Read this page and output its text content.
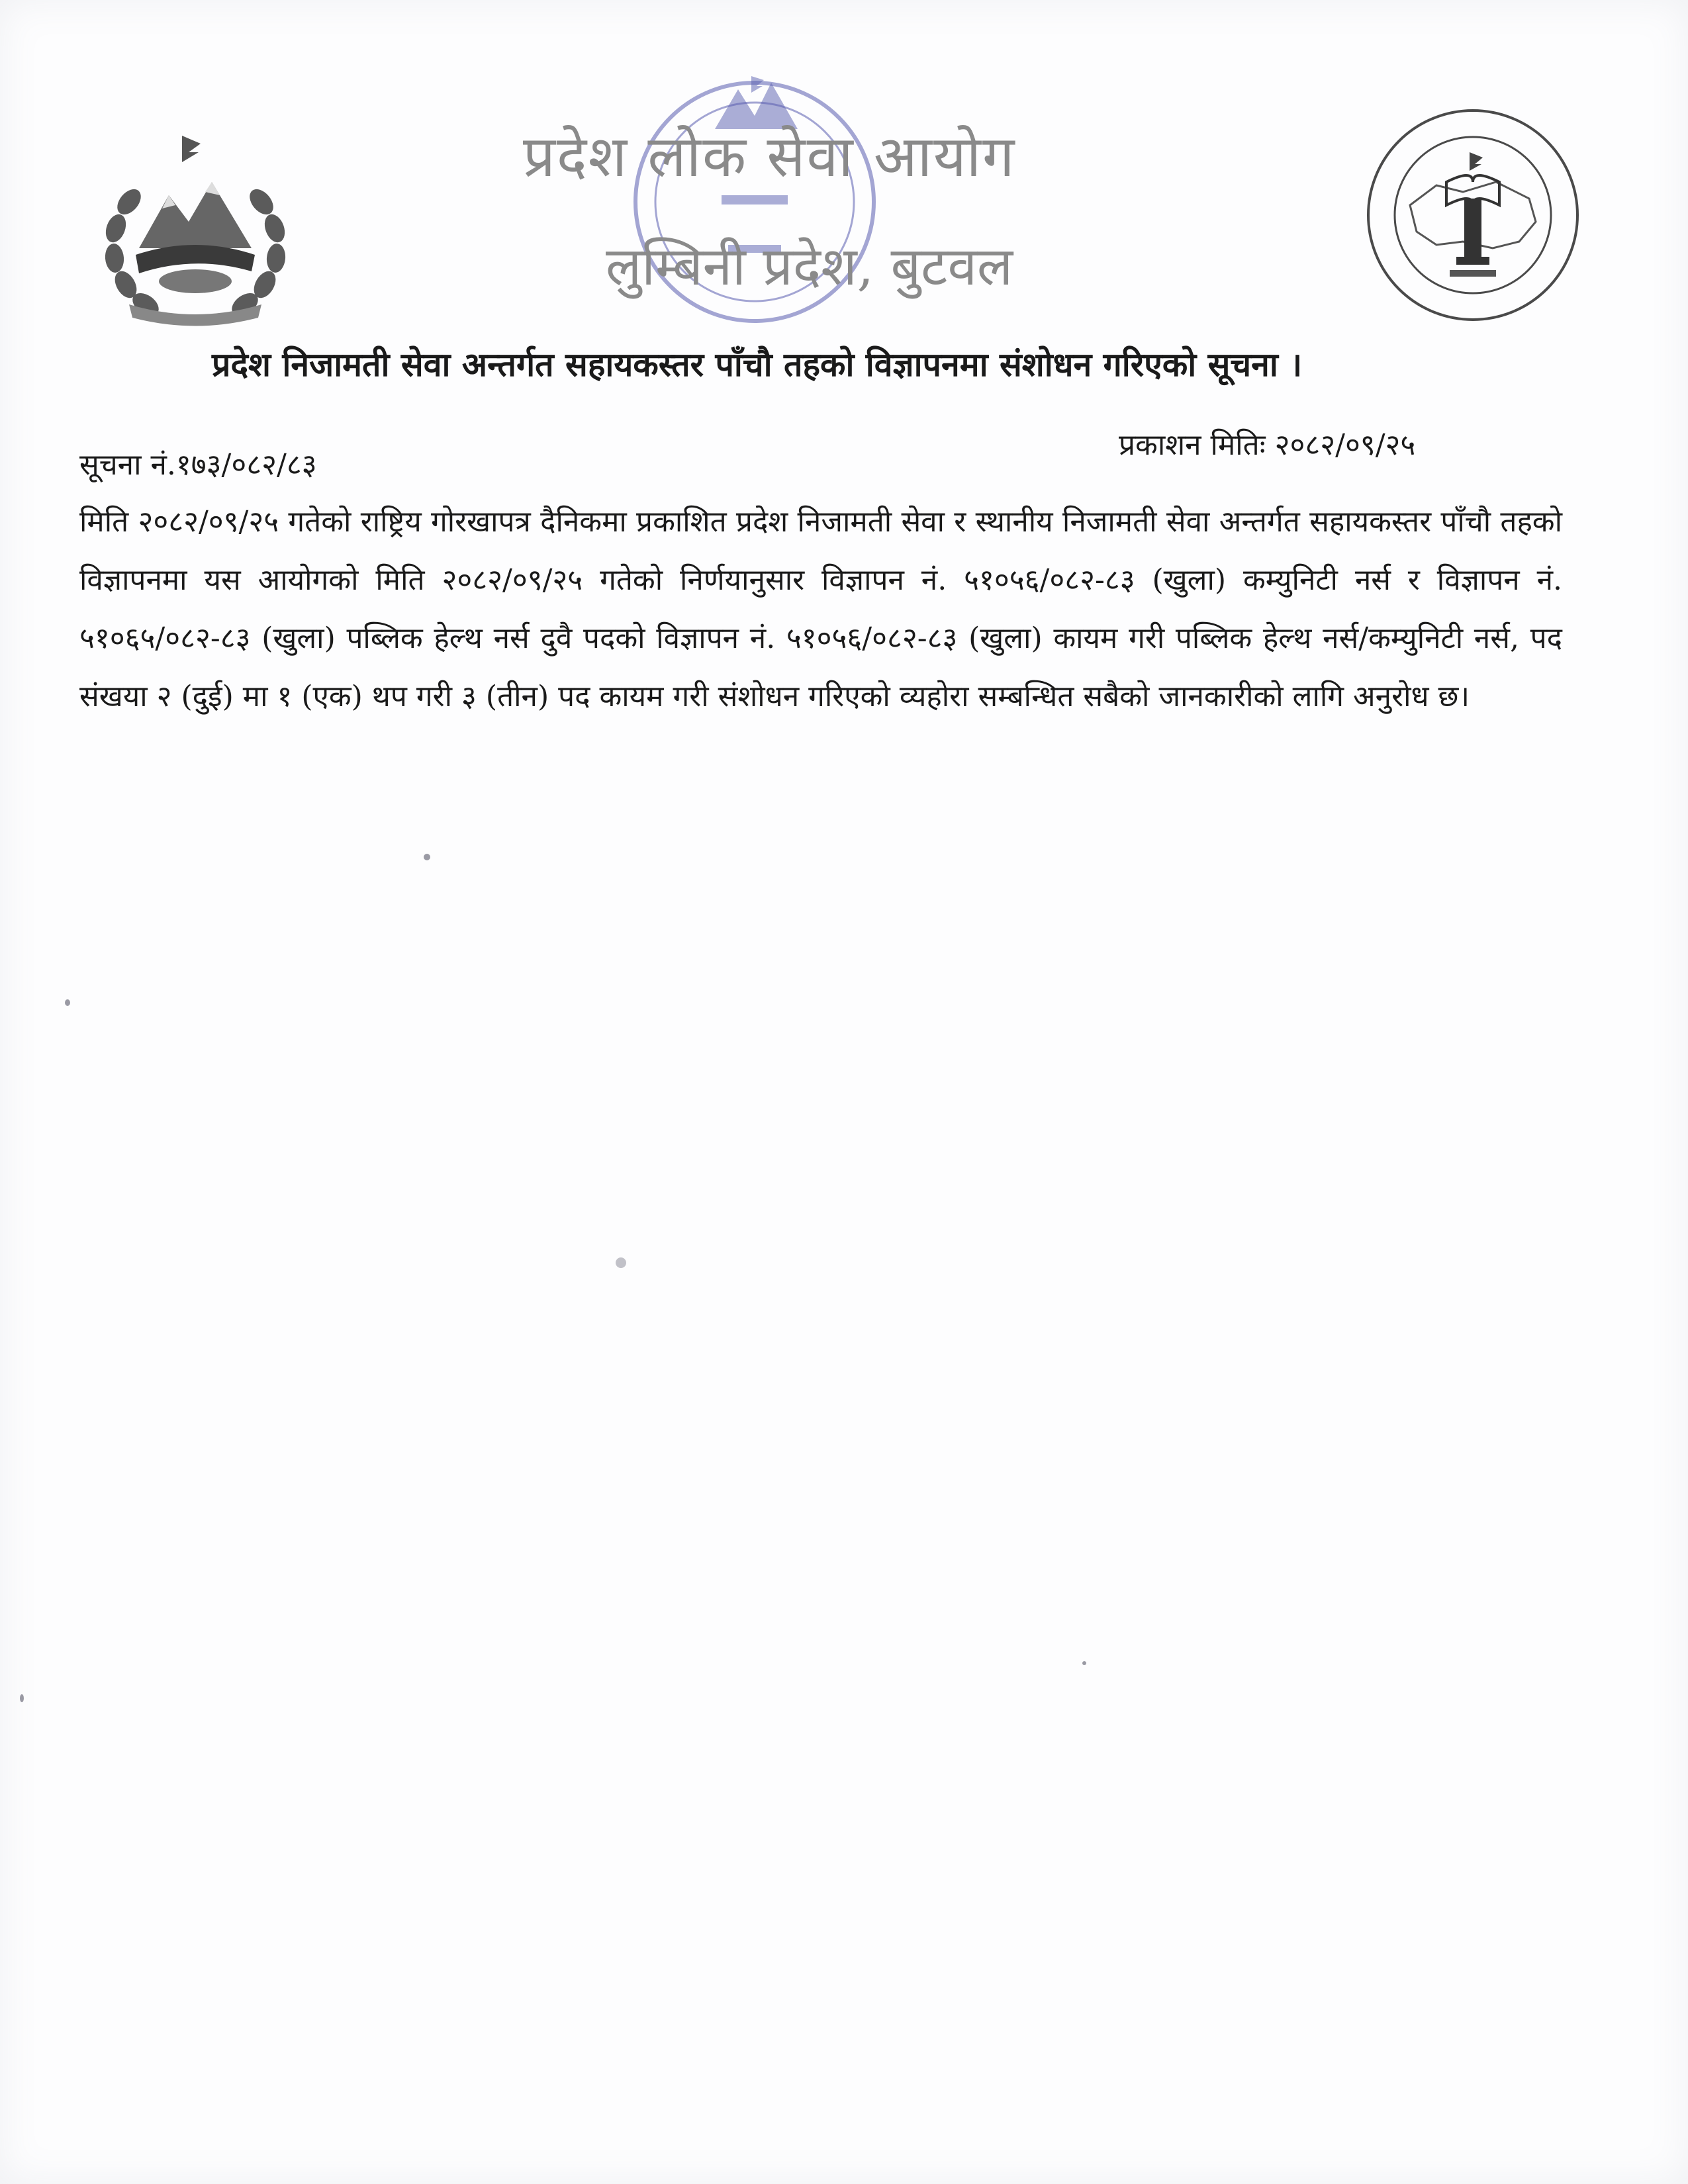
प्रदेश लोक सेवा आयोग
लुम्बिनी प्रदेश, बुटवल
प्रदेश निजामती सेवा अन्तर्गत सहायकस्तर पाँचौ तहको विज्ञापनमा संशोधन गरिएको सूचना ।
सूचना नं.१७३/०८२/८३
प्रकाशन मितिः २०८२/०९/२५
मिति २०८२/०९/२५ गतेको राष्ट्रिय गोरखापत्र दैनिकमा प्रकाशित प्रदेश निजामती सेवा र स्थानीय निजामती सेवा अन्तर्गत सहायकस्तर पाँचौ तहको विज्ञापनमा यस आयोगको मिति २०८२/०९/२५ गतेको निर्णयानुसार विज्ञापन नं. ५१०५६/०८२-८३ (खुला) कम्युनिटी नर्स र विज्ञापन नं. ५१०६५/०८२-८३ (खुला) पब्लिक हेल्थ नर्स दुवै पदको विज्ञापन नं. ५१०५६/०८२-८३ (खुला) कायम गरी पब्लिक हेल्थ नर्स/कम्युनिटी नर्स, पद संखया २ (दुई) मा १ (एक) थप गरी ३ (तीन) पद कायम गरी संशोधन गरिएको व्यहोरा सम्बन्धित सबैको जानकारीको लागि अनुरोध छ।
